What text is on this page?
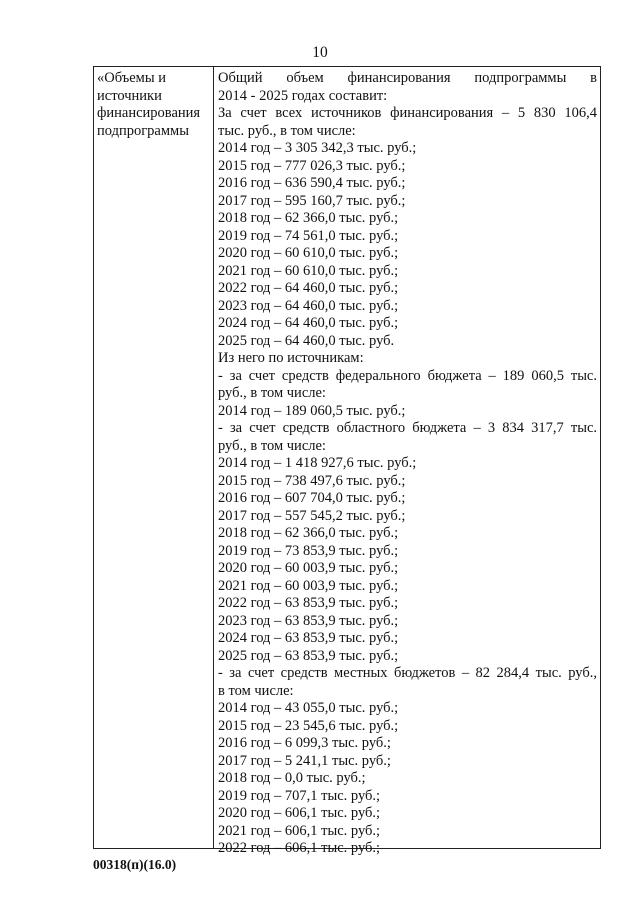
10
«Объемы и
источники
финансирования
подпрограммы
Общий объем финансирования подпрограммы в
2014 - 2025 годах составит:
За счет всех источников финансирования – 5 830 106,4
тыс. руб., в том числе:
2014 год – 3 305 342,3 тыс. руб.;
2015 год – 777 026,3 тыс. руб.;
2016 год – 636 590,4 тыс. руб.;
2017 год – 595 160,7 тыс. руб.;
2018 год – 62 366,0 тыс. руб.;
2019 год – 74 561,0 тыс. руб.;
2020 год – 60 610,0 тыс. руб.;
2021 год – 60 610,0 тыс. руб.;
2022 год – 64 460,0 тыс. руб.;
2023 год – 64 460,0 тыс. руб.;
2024 год – 64 460,0 тыс. руб.;
2025 год – 64 460,0 тыс. руб.
Из него по источникам:
- за счет средств федерального бюджета – 189 060,5 тыс.
руб., в том числе:
2014 год – 189 060,5 тыс. руб.;
- за счет средств областного бюджета – 3 834 317,7 тыс.
руб., в том числе:
2014 год – 1 418 927,6 тыс. руб.;
2015 год – 738 497,6 тыс. руб.;
2016 год – 607 704,0 тыс. руб.;
2017 год – 557 545,2 тыс. руб.;
2018 год – 62 366,0 тыс. руб.;
2019 год – 73 853,9 тыс. руб.;
2020 год – 60 003,9 тыс. руб.;
2021 год – 60 003,9 тыс. руб.;
2022 год – 63 853,9 тыс. руб.;
2023 год – 63 853,9 тыс. руб.;
2024 год – 63 853,9 тыс. руб.;
2025 год – 63 853,9 тыс. руб.;
- за счет средств местных бюджетов – 82 284,4 тыс. руб.,
в том числе:
2014 год – 43 055,0 тыс. руб.;
2015 год – 23 545,6 тыс. руб.;
2016 год – 6 099,3 тыс. руб.;
2017 год – 5 241,1 тыс. руб.;
2018 год – 0,0 тыс. руб.;
2019 год – 707,1 тыс. руб.;
2020 год – 606,1 тыс. руб.;
2021 год – 606,1 тыс. руб.;
2022 год – 606,1 тыс. руб.;
00318(п)(16.0)
